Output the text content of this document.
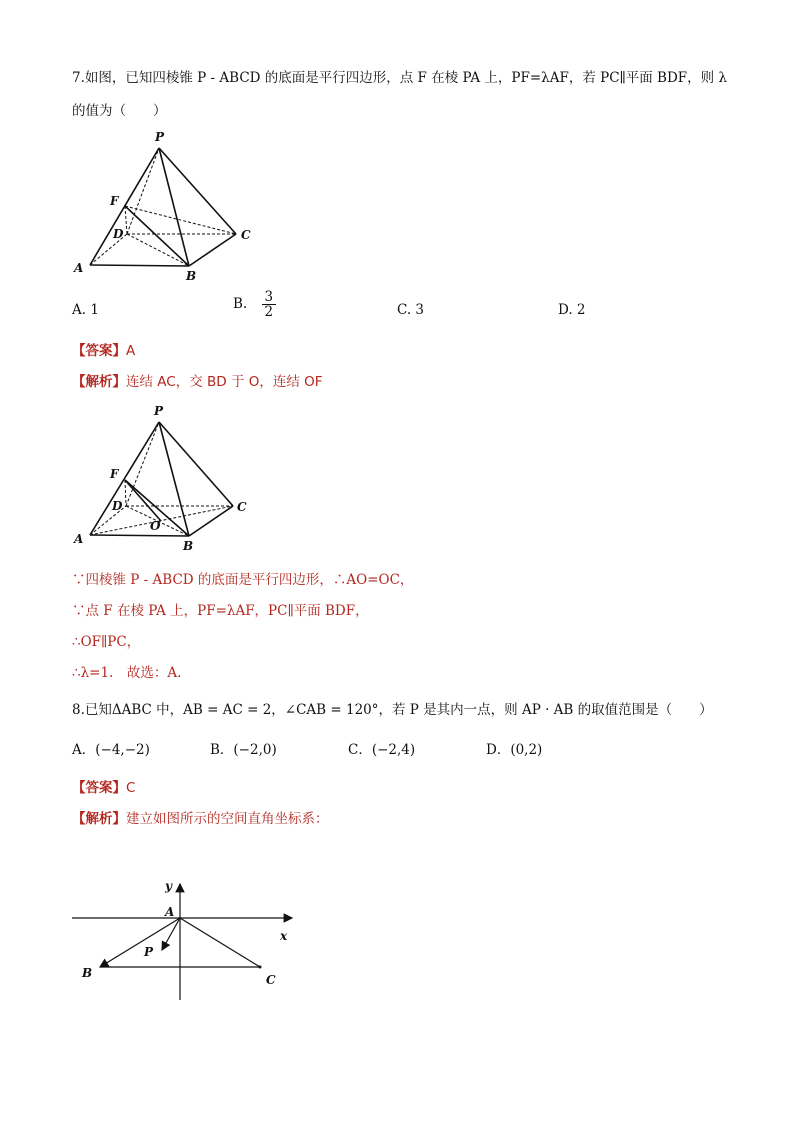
7.如图，已知四棱锥 P - ABCD 的底面是平行四边形，点 F 在棱 PA 上，PF=λAF，若 PC∥平面 BDF，则 λ
的值为（　　）
P
F
D	C
A
B
A. 1	B. $\frac{3}{2}$	C. 3	D. 2
【答案】A
【解析】连结 AC，交 BD 于 O，连结 OF
P
F
D	C
A	B
O
∵四棱锥 P - ABCD 的底面是平行四边形，∴AO=OC，
∵点 F 在棱 PA 上，PF=λAF，PC∥平面 BDF，
∴OF∥PC，
∴λ=1.　故选：A.
8.已知ΔABC 中，AB = AC = 2，∠CAB = 120°，若 P 是其内一点，则 AP · AB 的取值范围是（　　）
A．(−4,−2)	B．(−2,0)	C．(−2,4)	D．(0,2)
【答案】C
【解析】建立如图所示的空间直角坐标系：
y
x
A
P
B	C
